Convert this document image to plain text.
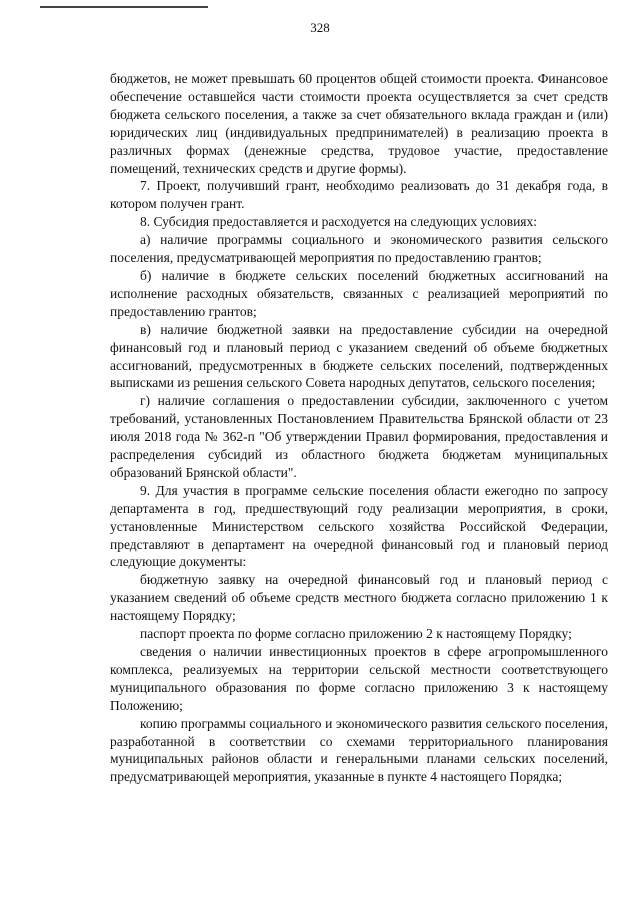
328

бюджетов, не может превышать 60 процентов общей стоимости проекта. Финансовое обеспечение оставшейся части стоимости проекта осуществляется за счет средств бюджета сельского поселения, а также за счет обязательного вклада граждан и (или) юридических лиц (индивидуальных предпринимателей) в реализацию проекта в различных формах (денежные средства, трудовое участие, предоставление помещений, технических средств и другие формы).

7. Проект, получивший грант, необходимо реализовать до 31 декабря года, в котором получен грант.

8. Субсидия предоставляется и расходуется на следующих условиях:

а) наличие программы социального и экономического развития сельского поселения, предусматривающей мероприятия по предоставлению грантов;

б) наличие в бюджете сельских поселений бюджетных ассигнований на исполнение расходных обязательств, связанных с реализацией мероприятий по предоставлению грантов;

в) наличие бюджетной заявки на предоставление субсидии на очередной финансовый год и плановый период с указанием сведений об объеме бюджетных ассигнований, предусмотренных в бюджете сельских поселений, подтвержденных выписками из решения сельского Совета народных депутатов, сельского поселения;

г) наличие соглашения о предоставлении субсидии, заключенного с учетом требований, установленных Постановлением Правительства Брянской области от 23 июля 2018 года № 362-п "Об утверждении Правил формирования, предоставления и распределения субсидий из областного бюджета бюджетам муниципальных образований Брянской области".

9. Для участия в программе сельские поселения области ежегодно по запросу департамента в год, предшествующий году реализации мероприятия, в сроки, установленные Министерством сельского хозяйства Российской Федерации, представляют в департамент на очередной финансовый год и плановый период следующие документы:

бюджетную заявку на очередной финансовый год и плановый период с указанием сведений об объеме средств местного бюджета согласно приложению 1 к настоящему Порядку;

паспорт проекта по форме согласно приложению 2 к настоящему Порядку;

сведения о наличии инвестиционных проектов в сфере агропромышленного комплекса, реализуемых на территории сельской местности соответствующего муниципального образования по форме согласно приложению 3 к настоящему Положению;

копию программы социального и экономического развития сельского поселения, разработанной в соответствии со схемами территориального планирования муниципальных районов области и генеральными планами сельских поселений, предусматривающей мероприятия, указанные в пункте 4 настоящего Порядка;
